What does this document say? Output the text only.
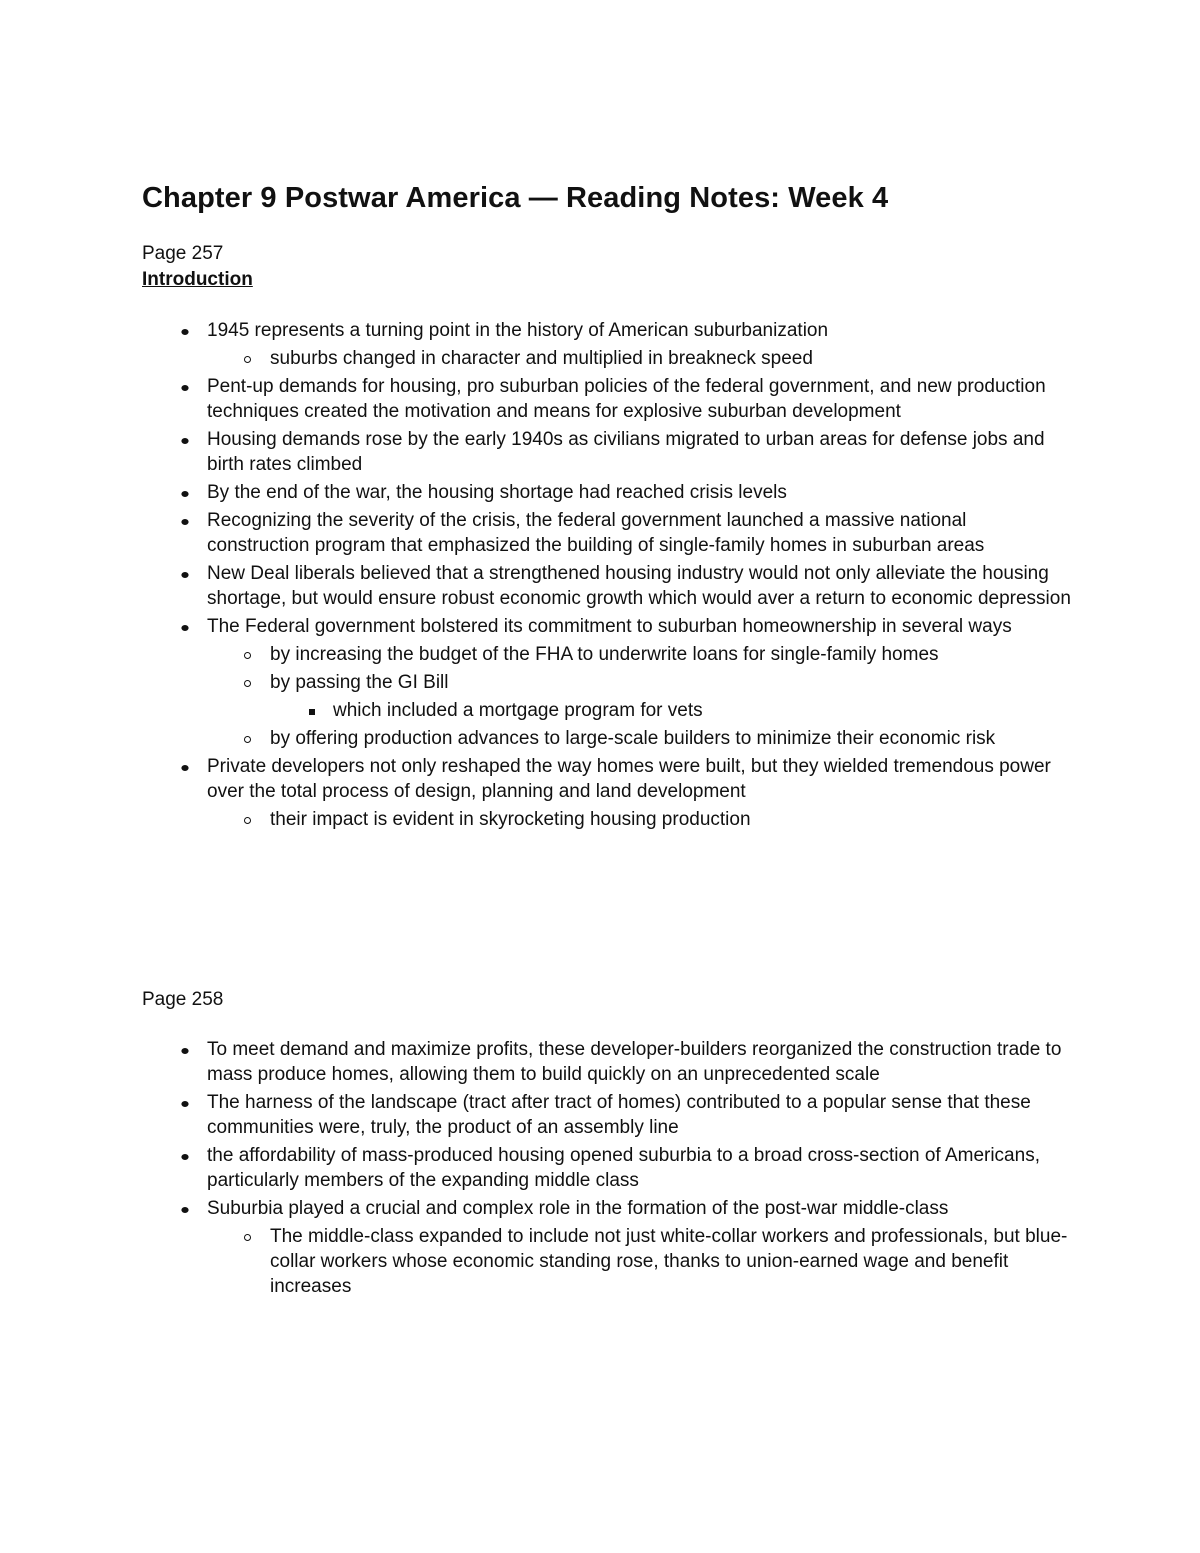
Chapter 9 Postwar America — Reading Notes: Week 4
Page 257
Introduction
1945 represents a turning point in the history of American suburbanization
suburbs changed in character and multiplied in breakneck speed
Pent-up demands for housing, pro suburban policies of the federal government, and new production techniques created the motivation and means for explosive suburban development
Housing demands rose by the early 1940s as civilians migrated to urban areas for defense jobs and birth rates climbed
By the end of the war, the housing shortage had reached crisis levels
Recognizing the severity of the crisis, the federal government launched a massive national construction program that emphasized the building of single-family homes in suburban areas
New Deal liberals believed that a strengthened housing industry would not only alleviate the housing shortage, but would ensure robust economic growth which would aver a return to economic depression
The Federal government bolstered its commitment to suburban homeownership in several ways
by increasing the budget of the FHA to underwrite loans for single-family homes
by passing the GI Bill
which included a mortgage program for vets
by offering production advances to large-scale builders to minimize their economic risk
Private developers not only reshaped the way homes were built, but they wielded tremendous power over the total process of design, planning and land development
their impact is evident in skyrocketing housing production
Page 258
To meet demand and maximize profits, these developer-builders reorganized the construction trade to mass produce homes, allowing them to build quickly on an unprecedented scale
The harness of the landscape (tract after tract of homes) contributed to a popular sense that these communities were, truly, the product of an assembly line
the affordability of mass-produced housing opened suburbia to a broad cross-section of Americans, particularly members of the expanding middle class
Suburbia played a crucial and complex role in the formation of the post-war middle-class
The middle-class expanded to include not just white-collar workers and professionals, but blue-collar workers whose economic standing rose, thanks to union-earned wage and benefit increases
